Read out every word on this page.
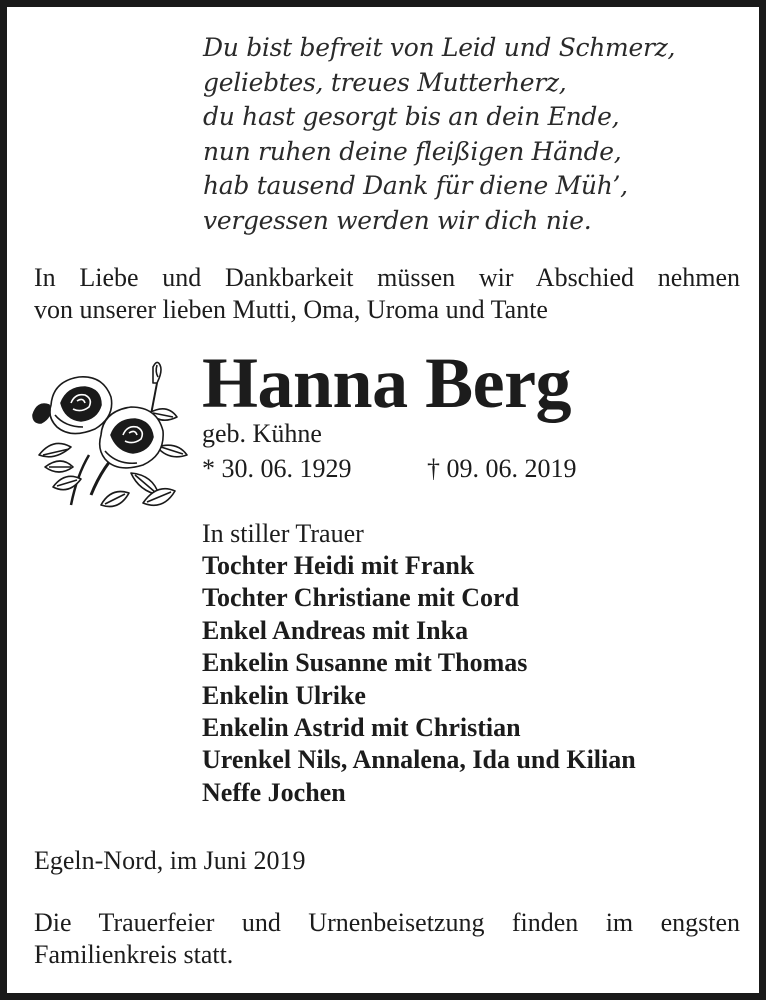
Du bist befreit von Leid und Schmerz,
geliebtes, treues Mutterherz,
du hast gesorgt bis an dein Ende,
nun ruhen deine fleißigen Hände,
hab tausend Dank für diene Müh’,
vergessen werden wir dich nie.
In Liebe und Dankbarkeit müssen wir Abschied nehmen
von unserer lieben Mutti, Oma, Uroma und Tante
Hanna Berg
geb. Kühne
* 30. 06. 1929	† 09. 06. 2019
In stiller Trauer
Tochter Heidi mit Frank
Tochter Christiane mit Cord
Enkel Andreas mit Inka
Enkelin Susanne mit Thomas
Enkelin Ulrike
Enkelin Astrid mit Christian
Urenkel Nils, Annalena, Ida und Kilian
Neffe Jochen
Egeln-Nord, im Juni 2019
Die Trauerfeier und Urnenbeisetzung finden im engsten
Familienkreis statt.
